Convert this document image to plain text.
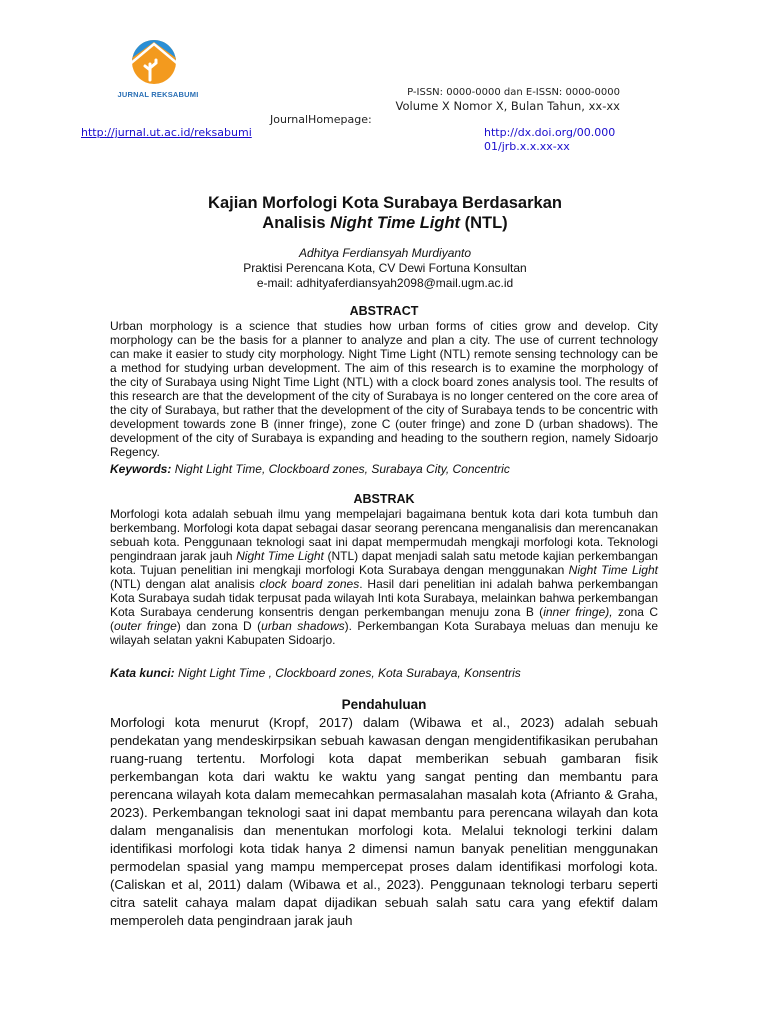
JURNAL REKSABUMI	P-ISSN: 0000-0000 dan E-ISSN: 0000-0000
Volume X Nomor X, Bulan Tahun, xx-xx
JournalHomepage:
http://jurnal.ut.ac.id/reksabumi	http://dx.doi.org/00.000
01/jrb.x.x.xx-xx
Kajian Morfologi Kota Surabaya Berdasarkan
Analisis Night Time Light (NTL)
Adhitya Ferdiansyah Murdiyanto
Praktisi Perencana Kota, CV Dewi Fortuna Konsultan
e-mail: adhityaferdiansyah2098@mail.ugm.ac.id
ABSTRACT
Urban morphology is a science that studies how urban forms of cities grow and develop. City morphology can be the basis for a planner to analyze and plan a city. The use of current technology can make it easier to study city morphology. Night Time Light (NTL) remote sensing technology can be a method for studying urban development. The aim of this research is to examine the morphology of the city of Surabaya using Night Time Light (NTL) with a clock board zones analysis tool. The results of this research are that the development of the city of Surabaya is no longer centered on the core area of the city of Surabaya, but rather that the development of the city of Surabaya tends to be concentric with development towards zone B (inner fringe), zone C (outer fringe) and zone D (urban shadows). The development of the city of Surabaya is expanding and heading to the southern region, namely Sidoarjo Regency.
Keywords: Night Light Time, Clockboard zones, Surabaya City, Concentric
ABSTRAK
Morfologi kota adalah sebuah ilmu yang mempelajari bagaimana bentuk kota dari kota tumbuh dan berkembang. Morfologi kota dapat sebagai dasar seorang perencana menganalisis dan merencanakan sebuah kota. Penggunaan teknologi saat ini dapat mempermudah mengkaji morfologi kota. Teknologi pengindraan jarak jauh Night Time Light (NTL) dapat menjadi salah satu metode kajian perkembangan kota. Tujuan penelitian ini mengkaji morfologi Kota Surabaya dengan menggunakan Night Time Light (NTL) dengan alat analisis clock board zones. Hasil dari penelitian ini adalah bahwa perkembangan Kota Surabaya sudah tidak terpusat pada wilayah Inti kota Surabaya, melainkan bahwa perkembangan Kota Surabaya cenderung konsentris dengan perkembangan menuju zona B (inner fringe), zona C (outer fringe) dan zona D (urban shadows). Perkembangan Kota Surabaya meluas dan menuju ke wilayah selatan yakni Kabupaten Sidoarjo.
Kata kunci: Night Light Time , Clockboard zones, Kota Surabaya, Konsentris
Pendahuluan
Morfologi kota menurut (Kropf, 2017) dalam (Wibawa et al., 2023) adalah sebuah pendekatan yang mendeskirpsikan sebuah kawasan dengan mengidentifikasikan perubahan ruang-ruang tertentu. Morfologi kota dapat memberikan sebuah gambaran fisik perkembangan kota dari waktu ke waktu yang sangat penting dan membantu para perencana wilayah kota dalam memecahkan permasalahan masalah kota (Afrianto & Graha, 2023). Perkembangan teknologi saat ini dapat membantu para perencana wilayah dan kota dalam menganalisis dan menentukan morfologi kota. Melalui teknologi terkini dalam identifikasi morfologi kota tidak hanya 2 dimensi namun banyak penelitian menggunakan permodelan spasial yang mampu mempercepat proses dalam identifikasi morfologi kota. (Caliskan et al, 2011) dalam (Wibawa et al., 2023). Penggunaan teknologi terbaru seperti citra satelit cahaya malam dapat dijadikan sebuah salah satu cara yang efektif dalam memperoleh data pengindraan jarak jauh
